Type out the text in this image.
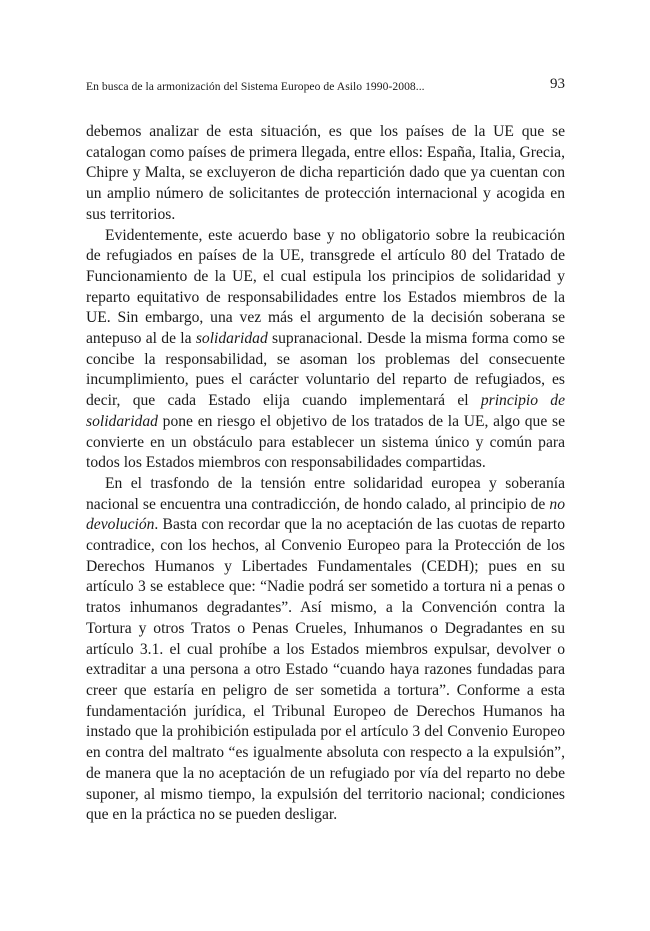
En busca de la armonización del Sistema Europeo de Asilo 1990-2008...	93

debemos analizar de esta situación, es que los países de la UE que se catalogan como países de primera llegada, entre ellos: España, Italia, Grecia, Chipre y Malta, se excluyeron de dicha repartición dado que ya cuentan con un amplio número de solicitantes de protección internacional y acogida en sus territorios.

Evidentemente, este acuerdo base y no obligatorio sobre la reubicación de refugiados en países de la UE, transgrede el artículo 80 del Tratado de Funcionamiento de la UE, el cual estipula los principios de solidaridad y reparto equitativo de responsabilidades entre los Estados miembros de la UE. Sin embargo, una vez más el argumento de la decisión soberana se antepuso al de la solidaridad supranacional. Desde la misma forma como se concibe la responsabilidad, se asoman los problemas del consecuente incumplimiento, pues el carácter voluntario del reparto de refugiados, es decir, que cada Estado elija cuando implementará el principio de solidaridad pone en riesgo el objetivo de los tratados de la UE, algo que se convierte en un obstáculo para establecer un sistema único y común para todos los Estados miembros con responsabilidades compartidas.

En el trasfondo de la tensión entre solidaridad europea y soberanía nacional se encuentra una contradicción, de hondo calado, al principio de no devolución. Basta con recordar que la no aceptación de las cuotas de reparto contradice, con los hechos, al Convenio Europeo para la Protección de los Derechos Humanos y Libertades Fundamentales (CEDH); pues en su artículo 3 se establece que: “Nadie podrá ser sometido a tortura ni a penas o tratos inhumanos degradantes”. Así mismo, a la Convención contra la Tortura y otros Tratos o Penas Crueles, Inhumanos o Degradantes en su artículo 3.1. el cual prohíbe a los Estados miembros expulsar, devolver o extraditar a una persona a otro Estado “cuando haya razones fundadas para creer que estaría en peligro de ser sometida a tortura”. Conforme a esta fundamentación jurídica, el Tribunal Europeo de Derechos Humanos ha instado que la prohibición estipulada por el artículo 3 del Convenio Europeo en contra del maltrato “es igualmente absoluta con respecto a la expulsión”, de manera que la no aceptación de un refugiado por vía del reparto no debe suponer, al mismo tiempo, la expulsión del territorio nacional; condiciones que en la práctica no se pueden desligar.
